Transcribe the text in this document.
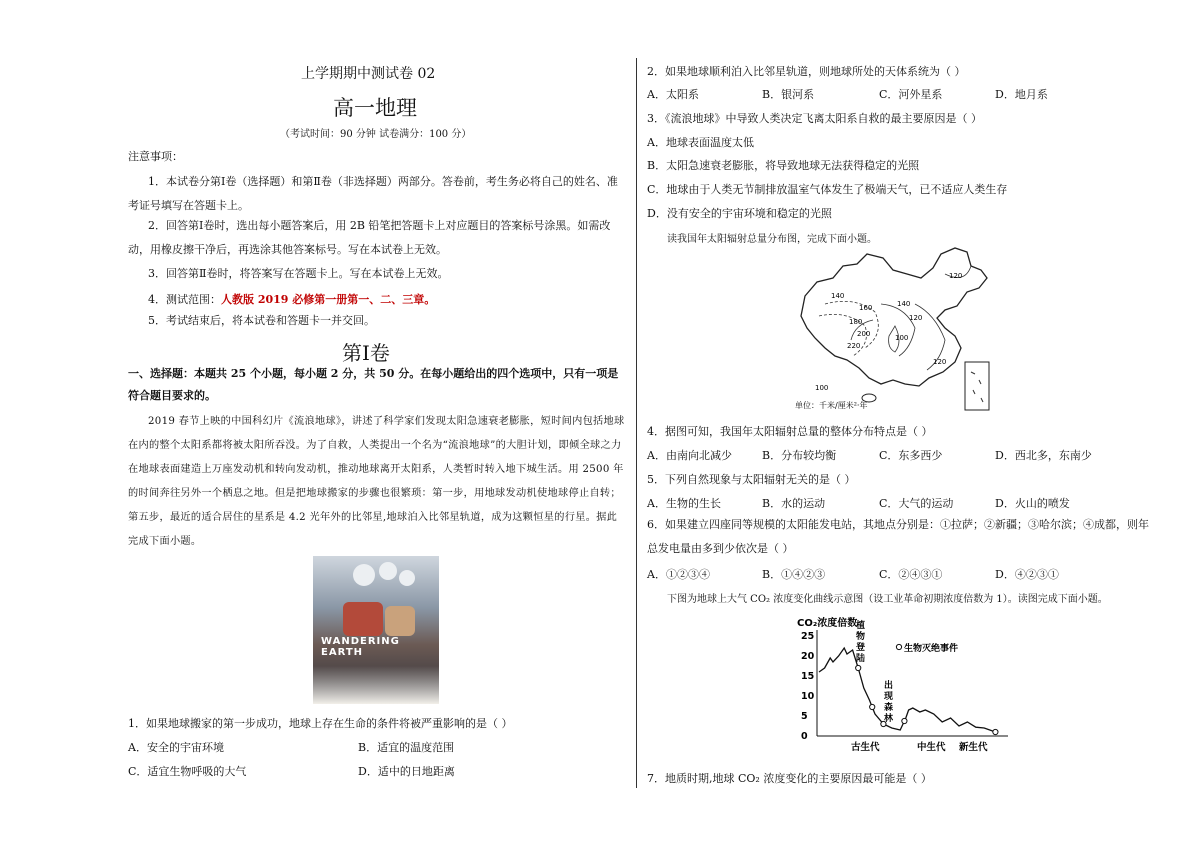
上学期期中测试卷 02
高一地理
（考试时间：90 分钟 试卷满分：100 分）
注意事项：
1．本试卷分第Ⅰ卷（选择题）和第Ⅱ卷（非选择题）两部分。答卷前，考生务必将自己的姓名、准考证号填写在答题卡上。
2．回答第Ⅰ卷时，选出每小题答案后，用 2B 铅笔把答题卡上对应题目的答案标号涂黑。如需改动，用橡皮擦干净后，再选涂其他答案标号。写在本试卷上无效。
3．回答第Ⅱ卷时，将答案写在答题卡上。写在本试卷上无效。
4．测试范围：人教版 2019 必修第一册第一、二、三章。
5．考试结束后，将本试卷和答题卡一并交回。
第Ⅰ卷
一、选择题：本题共 25 个小题，每小题 2 分，共 50 分。在每小题给出的四个选项中，只有一项是符合题目要求的。
2019 春节上映的中国科幻片《流浪地球》，讲述了科学家们发现太阳急速衰老膨胀，短时间内包括地球在内的整个太阳系都将被太阳所吞没。为了自救，人类提出一个名为“流浪地球”的大胆计划，即倾全球之力在地球表面建造上万座发动机和转向发动机，推动地球离开太阳系，人类暂时转入地下城生活。用 2500 年的时间奔往另外一个栖息之地。但是把地球搬家的步骤也很繁琐：第一步，用地球发动机使地球停止自转；第五步，最近的适合居住的星系是 4.2 光年外的比邻星,地球泊入比邻星轨道，成为这颗恒星的行星。据此完成下面小题。
1．如果地球搬家的第一步成功，地球上存在生命的条件将被严重影响的是（ ）
A．安全的宇宙环境	B．适宜的温度范围
C．适宜生物呼吸的大气	D．适中的日地距离
WANDERING EARTH
2．如果地球顺利泊入比邻星轨道，则地球所处的天体系统为（ ）
A．太阳系	B．银河系	C．河外星系	D．地月系
3．《流浪地球》中导致人类决定飞离太阳系自救的最主要原因是（ ）
A．地球表面温度太低
B．太阳急速衰老膨胀，将导致地球无法获得稳定的光照
C．地球由于人类无节制排放温室气体发生了极端天气，已不适应人类生存
D．没有安全的宇宙环境和稳定的光照
读我国年太阳辐射总量分布图，完成下面小题。
140
120
160
180
200
220
140
120
100
120
100
单位：千米/厘米²·年
4．据图可知，我国年太阳辐射总量的整体分布特点是（ ）
A．由南向北减少	B．分布较均衡	C．东多西少	D．西北多，东南少
5．下列自然现象与太阳辐射无关的是（ ）
A．生物的生长	B．水的运动	C．大气的运动	D．火山的喷发
6．如果建立四座同等规模的太阳能发电站，其地点分别是：①拉萨；②新疆；③哈尔滨；④成都，则年总发电量由多到少依次是（ ）
A．①②③④	B．①④②③	C．②④③①	D．④②③①
下图为地球上大气 CO₂ 浓度变化曲线示意图（设工业革命初期浓度倍数为 1）。读图完成下面小题。
CO₂浓度倍数
25
20
15
10
5
0
植 物 登 陆
出 现 森 林
生物灭绝事件
古生代	中生代 新生代
7．地质时期,地球 CO₂ 浓度变化的主要原因最可能是（ ）
